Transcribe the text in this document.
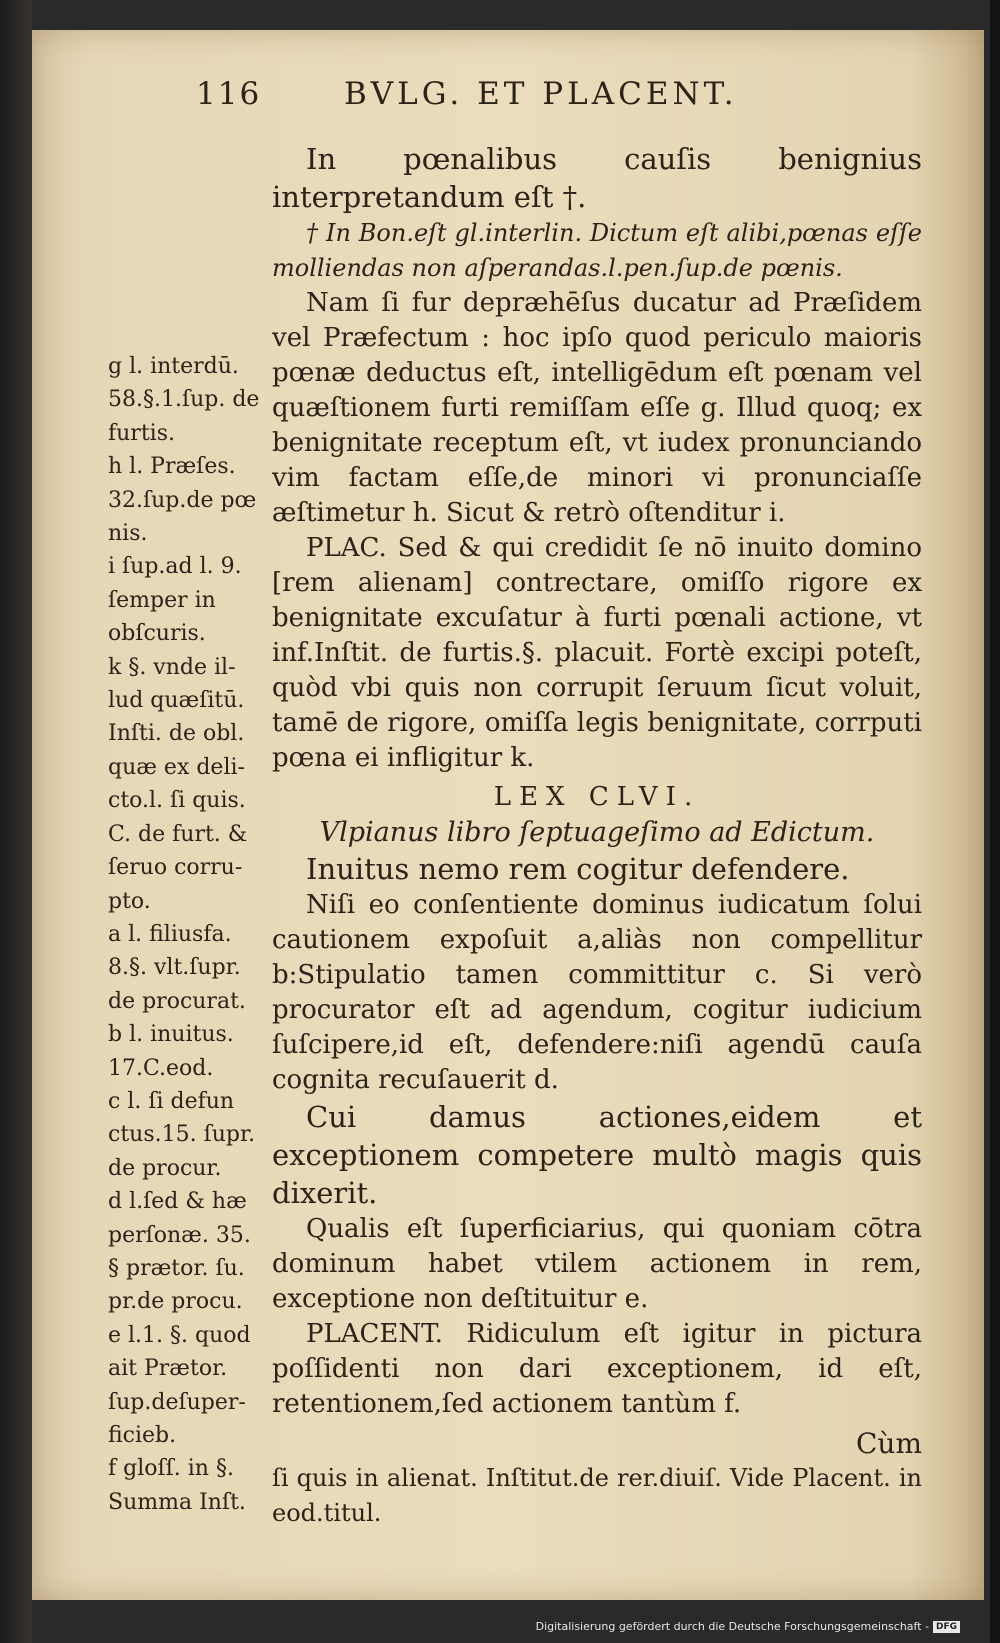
116	BVLG. ET PLACENT.

In pœnalibus cauſis benignius interpretandum eſt †.

† In Bon.eſt gl.interlin. Dictum eſt alibi,pœnas eſſe molliendas non aſperandas.l.pen.ſup.de pœnis.

Nam ſi fur depræhēſus ducatur ad Præſidem vel Præfectum : hoc ipſo quod periculo maioris pœnæ deductus eſt, intelligēdum eſt pœnam vel quæſtionem furti remiſſam eſſe g. Illud quoq; ex benignitate receptum eſt, vt iudex pronunciando vim factam eſſe,de minori vi pronunciaſſe æſtimetur h. Sicut & retrò oſtenditur i.

PLAC. Sed & qui credidit ſe nō inuito domino [rem alienam] contrectare, omiſſo rigore ex benignitate excuſatur à furti pœnali actione, vt inf.Inſtit. de furtis.§. placuit. Fortè excipi poteſt, quòd vbi quis non corrupit ſeruum ſicut voluit, tamē de rigore, omiſſa legis benignitate, corrputi pœna ei infligitur k.

LEX CLVI.

Vlpianus libro ſeptuageſimo ad Edictum.

Inuitus nemo rem cogitur defendere.

Niſi eo conſentiente dominus iudicatum ſolui cautionem expoſuit a,aliàs non compellitur b:Stipulatio tamen committitur c. Si verò procurator eſt ad agendum, cogitur iudicium ſuſcipere,id eſt, defendere:niſi agendū cauſa cognita recuſauerit d.

Cui damus actiones,eidem et exceptionem competere multò magis quis dixerit.

Qualis eſt ſuperficiarius, qui quoniam cōtra dominum habet vtilem actionem in rem, exceptione non deſtituitur e.

PLACENT. Ridiculum eſt igitur in pictura poſſidenti non dari exceptionem, id eſt, retentionem,ſed actionem tantùm f.

Cùm

ſi quis in alienat. Inſtitut.de rer.diuiſ. Vide Placent. in eod.titul.

g l. interdū.
58.§.1.ſup. de
furtis.
h l. Præſes.
32.ſup.de pœ
nis.
i ſup.ad l. 9.
ſemper in
obſcuris.
k §. vnde il-
lud quæſitū.
Inſti. de obl.
quæ ex deli-
cto.l. ſi quis.
C. de furt. &
ſeruo corru-
pto.
a l. filiusfa.
8.§. vlt.ſupr.
de procurat.
b l. inuitus.
17.C.eod.
c l. ſi defun
ctus.15. ſupr.
de procur.
d l.ſed & hæ
perſonæ. 35.
§ prætor. ſu.
pr.de procu.
e l.1. §. quod
ait Prætor.
ſup.deſuper-
ficieb.
f gloſſ. in §.
Summa Inſt.
Digitalisierung gefördert durch die Deutsche Forschungsgemeinschaft - DFG
